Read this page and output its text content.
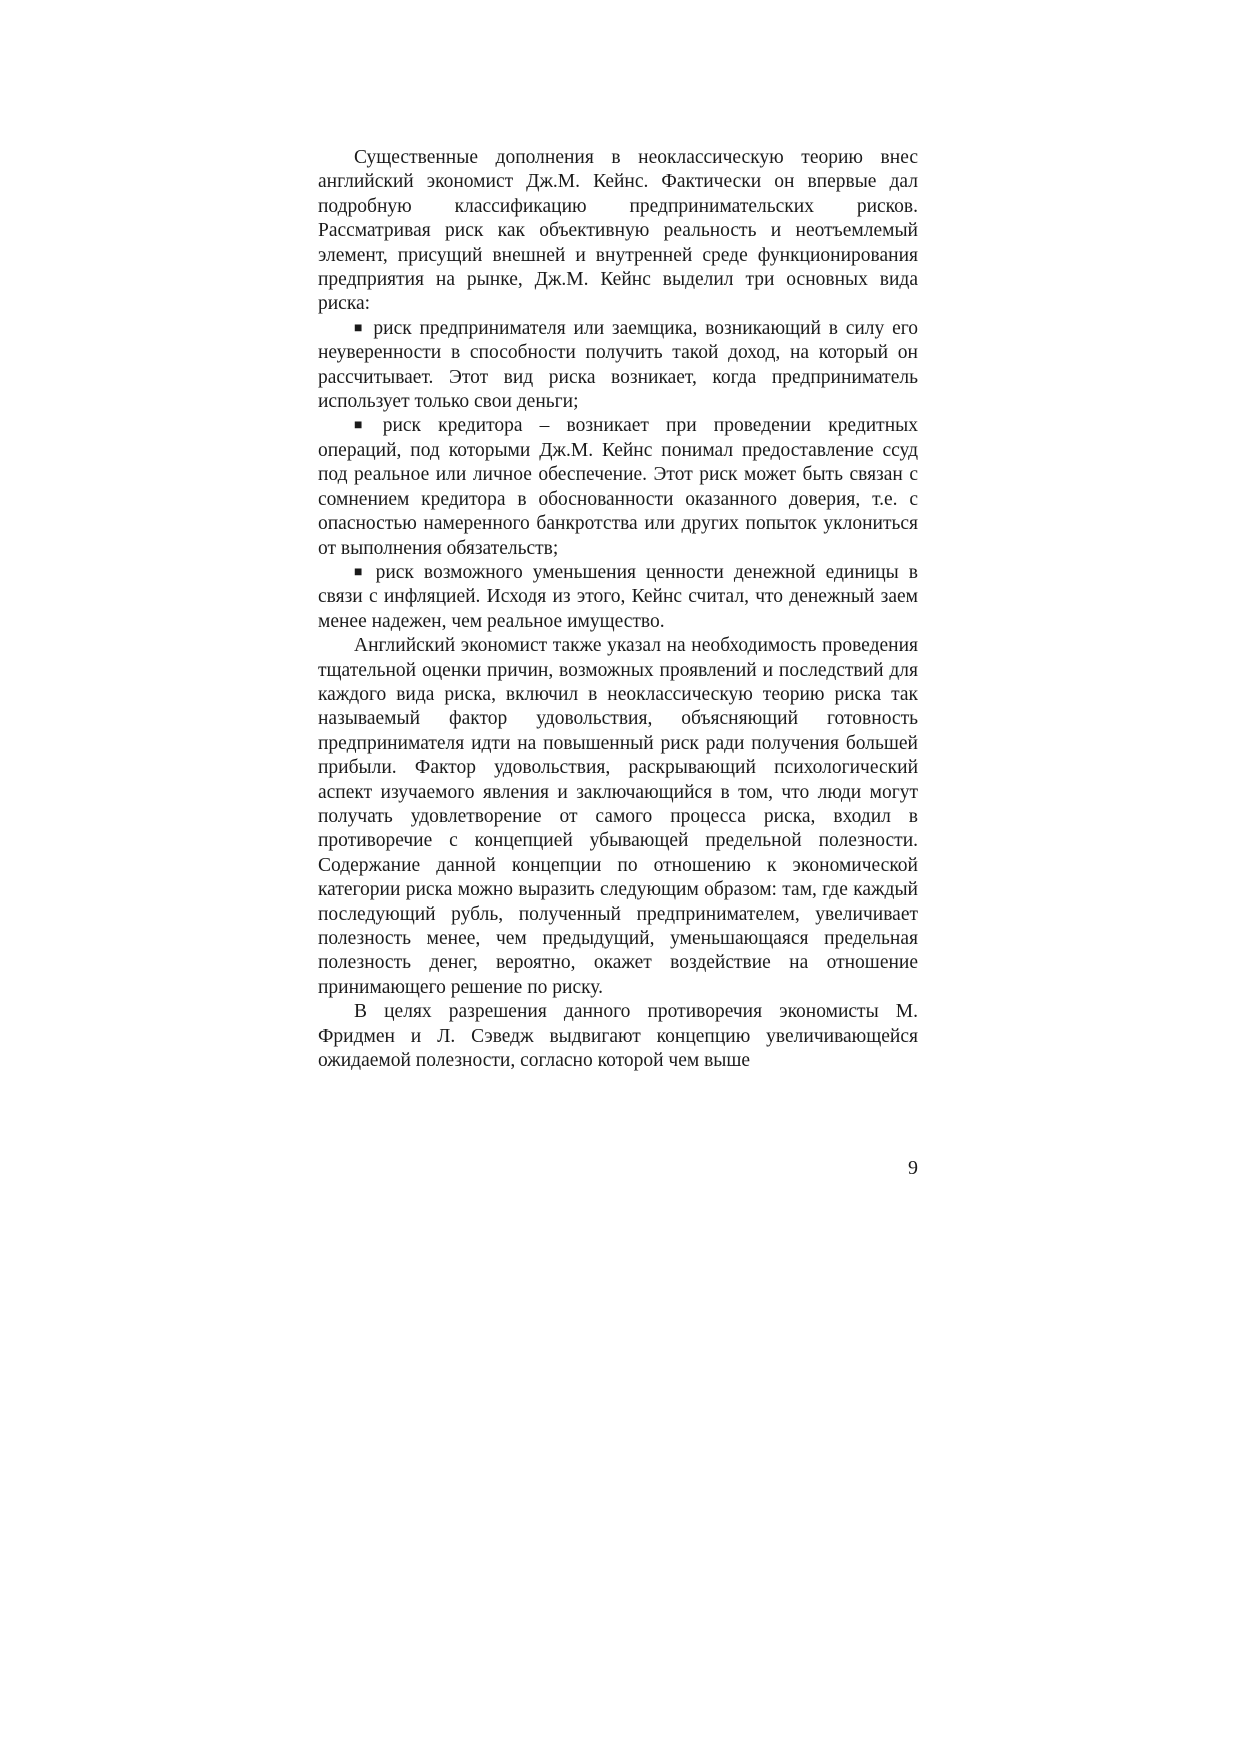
Существенные дополнения в неоклассическую теорию внес английский экономист Дж.М. Кейнс. Фактически он впервые дал подробную классификацию предпринимательских рисков. Рассматривая риск как объективную реальность и неотъемлемый элемент, присущий внешней и внутренней среде функционирования предприятия на рынке, Дж.М. Кейнс выделил три основных вида риска:

■ риск предпринимателя или заемщика, возникающий в силу его неуверенности в способности получить такой доход, на который он рассчитывает. Этот вид риска возникает, когда предприниматель использует только свои деньги;

■ риск кредитора – возникает при проведении кредитных операций, под которыми Дж.М. Кейнс понимал предоставление ссуд под реальное или личное обеспечение. Этот риск может быть связан с сомнением кредитора в обоснованности оказанного доверия, т.е. с опасностью намеренного банкротства или других попыток уклониться от выполнения обязательств;

■ риск возможного уменьшения ценности денежной единицы в связи с инфляцией. Исходя из этого, Кейнс считал, что денежный заем менее надежен, чем реальное имущество.

Английский экономист также указал на необходимость проведения тщательной оценки причин, возможных проявлений и последствий для каждого вида риска, включил в неоклассическую теорию риска так называемый фактор удовольствия, объясняющий готовность предпринимателя идти на повышенный риск ради получения большей прибыли. Фактор удовольствия, раскрывающий психологический аспект изучаемого явления и заключающийся в том, что люди могут получать удовлетворение от самого процесса риска, входил в противоречие с концепцией убывающей предельной полезности. Содержание данной концепции по отношению к экономической категории риска можно выразить следующим образом: там, где каждый последующий рубль, полученный предпринимателем, увеличивает полезность менее, чем предыдущий, уменьшающаяся предельная полезность денег, вероятно, окажет воздействие на отношение принимающего решение по риску.

В целях разрешения данного противоречия экономисты М. Фридмен и Л. Сэведж выдвигают концепцию увеличивающейся ожидаемой полезности, согласно которой чем выше

9
